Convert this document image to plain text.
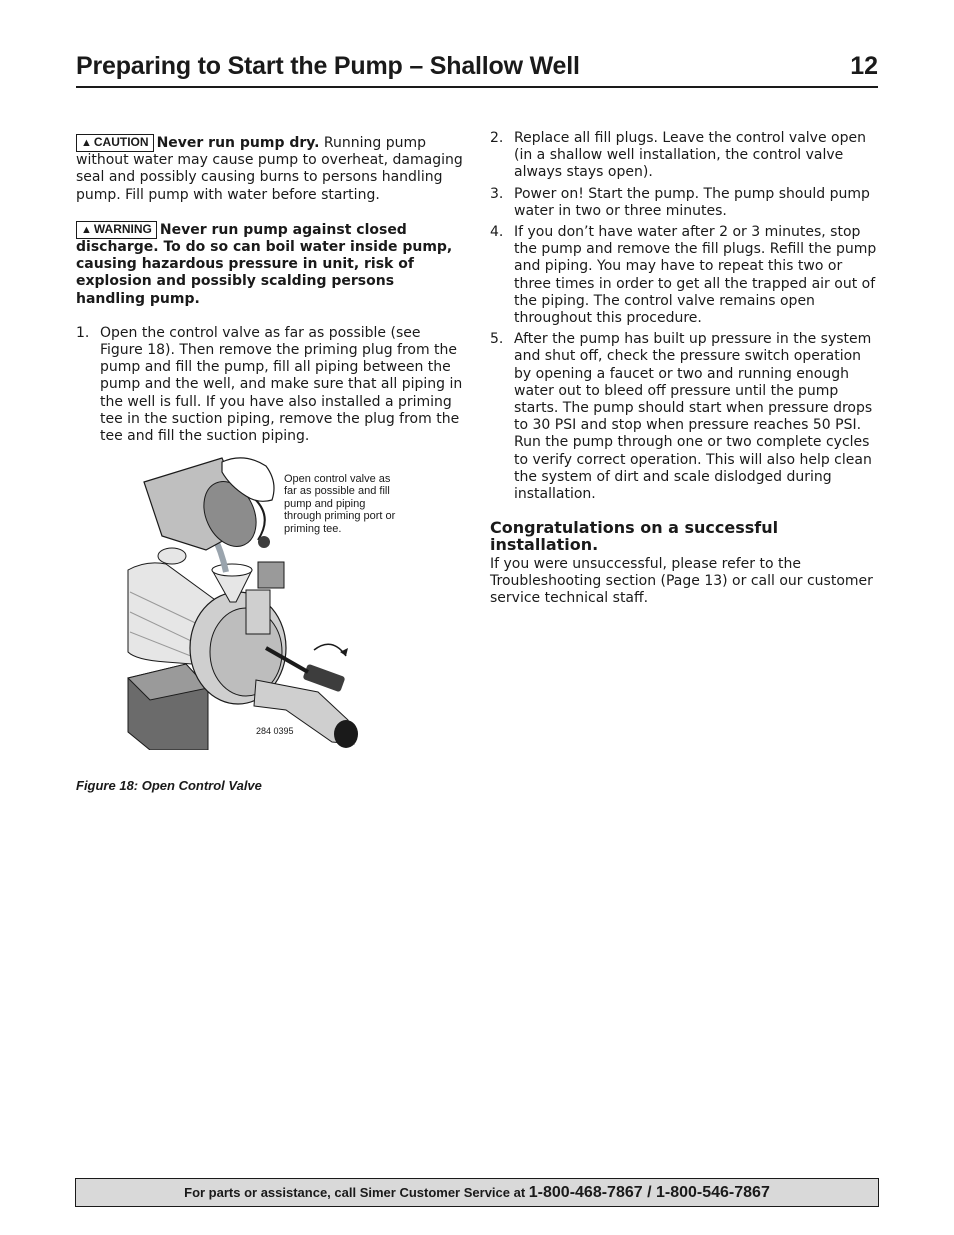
Preparing to Start the Pump – Shallow Well	12

▲ CAUTION Never run pump dry. Running pump without water may cause pump to overheat, damaging seal and possibly causing burns to persons handling pump. Fill pump with water before starting.

▲ WARNING Never run pump against closed discharge. To do so can boil water inside pump, causing hazardous pressure in unit, risk of explosion and possibly scalding persons handling pump.

1. Open the control valve as far as possible (see Figure 18). Then remove the priming plug from the pump and fill the pump, fill all piping between the pump and the well, and make sure that all piping in the well is full. If you have also installed a priming tee in the suction piping, remove the plug from the tee and fill the suction piping.
Open control valve as far as possible and fill pump and piping through priming port or priming tee.
284 0395
Figure 18: Open Control Valve
2. Replace all fill plugs. Leave the control valve open (in a shallow well installation, the control valve always stays open).
3. Power on! Start the pump. The pump should pump water in two or three minutes.
4. If you don’t have water after 2 or 3 minutes, stop the pump and remove the fill plugs. Refill the pump and piping. You may have to repeat this two or three times in order to get all the trapped air out of the piping. The control valve remains open throughout this procedure.
5. After the pump has built up pressure in the system and shut off, check the pressure switch operation by opening a faucet or two and running enough water out to bleed off pressure until the pump starts. The pump should start when pressure drops to 30 PSI and stop when pressure reaches 50 PSI. Run the pump through one or two complete cycles to verify correct operation. This will also help clean the system of dirt and scale dislodged during installation.
Congratulations on a successful installation.
If you were unsuccessful, please refer to the Troubleshooting section (Page 13) or call our customer service technical staff.
For parts or assistance, call Simer Customer Service at 1-800-468-7867 / 1-800-546-7867
